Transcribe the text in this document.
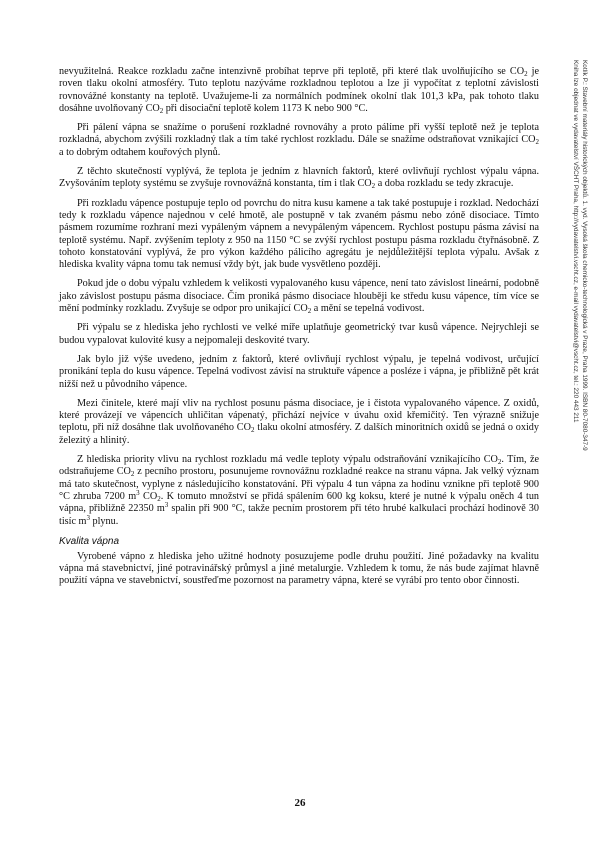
Kotlík P.: Stavební materiály historických objektů. 1. vyd. Vysoká škola chemicko-technologická v Praze, Praha 1999. ISBN 80-7080-347-9
Kniha lze objednat ve vydavatelství VŠCHT Praha, http://vydavatelstvi.vscht.cz, e-mail vydavatelstvi@vscht.cz, tel.: 220 443 211

nevyužitelná. Reakce rozkladu začne intenzivně probíhat teprve při teplotě, při které tlak uvolňujícího se $CO_2$ je roven tlaku okolní atmosféry. Tuto teplotu nazýváme rozkladnou teplotou a lze ji vypočítat z teplotní závislosti rovnovážné konstanty na teplotě. Uvažujeme-li za normálních podmínek okolní tlak 101,3 kPa, pak tohoto tlaku dosáhne uvolňovaný $CO_2$ při disociační teplotě kolem 1173 K nebo 900 °C.

Při pálení vápna se snažíme o porušení rozkladné rovnováhy a proto pálíme při vyšší teplotě než je teplota rozkladná, abychom zvýšili rozkladný tlak a tím také rychlost rozkladu. Dále se snažíme odstraňovat vznikající $CO_2$ a to dobrým odtahem kouřových plynů.

Z těchto skutečností vyplývá, že teplota je jedním z hlavních faktorů, které ovlivňují rychlost výpalu vápna. Zvyšováním teploty systému se zvyšuje rovnovážná konstanta, tím i tlak $CO_2$ a doba rozkladu se tedy zkracuje.

Při rozkladu vápence postupuje teplo od povrchu do nitra kusu kamene a tak také postupuje i rozklad. Nedochází tedy k rozkladu vápence najednou v celé hmotě, ale postupně v tak zvaném pásmu nebo zóně disociace. Tímto pásmem rozumíme rozhraní mezi vypáleným vápnem a nevypáleným vápencem. Rychlost postupu pásma závisí na teplotě systému. Např. zvýšením teploty z 950 na 1150 °C se zvýší rychlost postupu pásma rozkladu čtyřnásobně. Z tohoto konstatování vyplývá, že pro výkon každého pálicího agregátu je nejdůležitější teplota výpalu. Avšak z hlediska kvality vápna tomu tak nemusí vždy být, jak bude vysvětleno později.

Pokud jde o dobu výpalu vzhledem k velikosti vypalovaného kusu vápence, není tato závislost lineární, podobně jako závislost postupu pásma disociace. Čím proniká pásmo disociace hlouběji ke středu kusu vápence, tím více se mění podmínky rozkladu. Zvyšuje se odpor pro unikající $CO_2$ a mění se tepelná vodivost.

Při výpalu se z hlediska jeho rychlosti ve velké míře uplatňuje geometrický tvar kusů vápence. Nejrychleji se budou vypalovat kulovité kusy a nejpomaleji deskovité tvary.

Jak bylo již výše uvedeno, jedním z faktorů, které ovlivňují rychlost výpalu, je tepelná vodivost, určující pronikání tepla do kusu vápence. Tepelná vodivost závisí na struktuře vápence a posléze i vápna, je přibližně pět krát nižší než u původního vápence.

Mezi činitele, které mají vliv na rychlost posunu pásma disociace, je i čistota vypalovaného vápence. Z oxidů, které provázejí ve vápencích uhličitan vápenatý, přichází nejvíce v úvahu oxid křemičitý. Ten výrazně snižuje teplotu, při níž dosáhne tlak uvolňovaného $CO_2$ tlaku okolní atmosféry. Z dalších minoritních oxidů se jedná o oxidy železitý a hlinitý.

Z hlediska priority vlivu na rychlost rozkladu má vedle teploty výpalu odstraňování vznikajícího $CO_2$. Tím, že odstraňujeme $CO_2$ z pecního prostoru, posunujeme rovnovážnu rozkladné reakce na stranu vápna. Jak velký význam má tato skutečnost, vyplyne z následujícího konstatování. Při výpalu 4 tun vápna za hodinu vznikne při teplotě 900 °C zhruba 7200 $m^3$ $CO_2$. K tomuto množství se přidá spálením 600 kg koksu, které je nutné k výpalu oněch 4 tun vápna, přibližně 22350 $m^3$ spalin při 900 °C, takže pecním prostorem při této hrubé kalkulaci prochází hodinově 30 tisíc $m^3$ plynu.

Kvalita vápna

Vyrobené vápno z hlediska jeho užitné hodnoty posuzujeme podle druhu použití. Jiné požadavky na kvalitu vápna má stavebnictví, jiné potravinářský průmysl a jiné metalurgie. Vzhledem k tomu, že nás bude zajímat hlavně použití vápna ve stavebnictví, soustřeďme pozornost na parametry vápna, které se vyrábí pro tento obor činnosti.

26
